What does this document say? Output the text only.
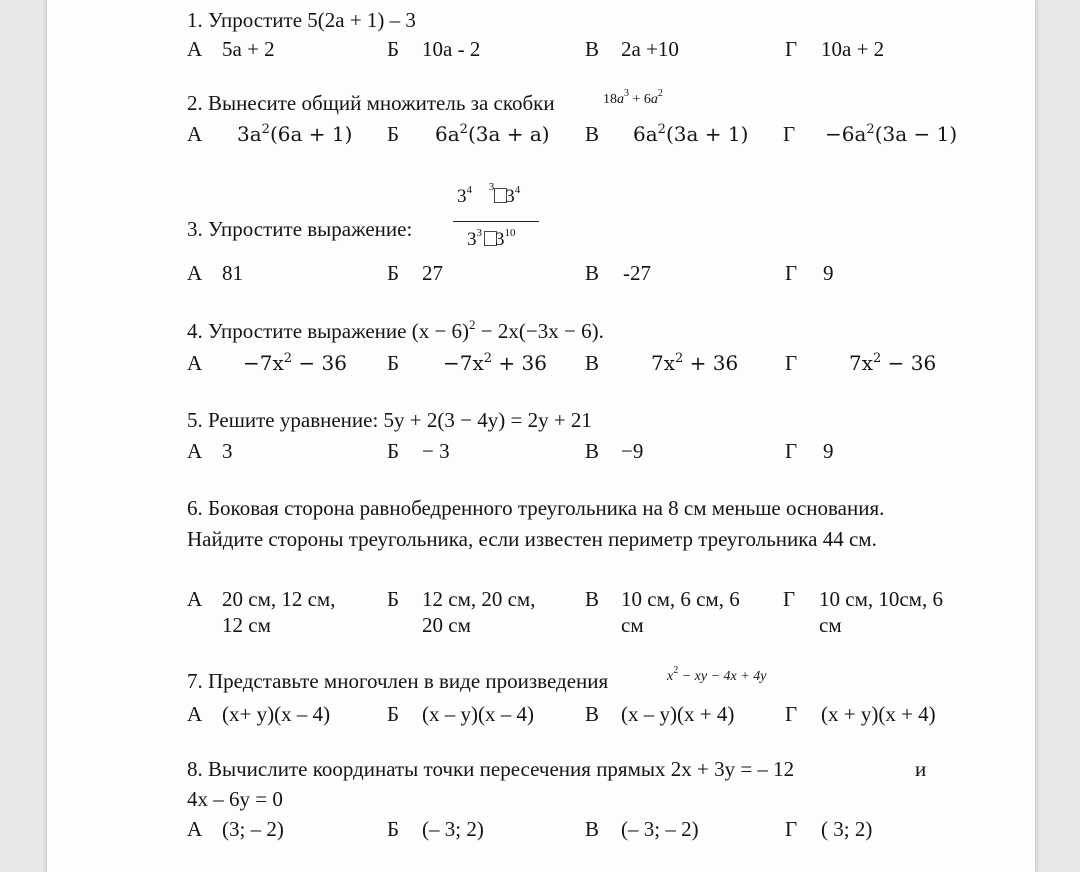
1. Упростите 5(2а + 1) – 3
А 5а + 2	Б 10а - 2	В 2а +10	Г 10а + 2
2. Вынесите общий множитель за скобки	$18a^3 + 6a^2$
А $3a^2(6a + 1)$ Б $6a^2(3a + a)$ В $6a^2(3a + 1)$ $Г -6a^2(3a - 1)$
3. Упростите выражение:
$3^4$ $^3$ $3^4$
$3^3$ $3^{10}$
А 81	Б 27	В -27	Г 9
4. Упростите выражение $(x - 6)^2 - 2x(-3x - 6)$.
$А -7x^2 - 36$ $Б -7x^2 + 36$ В	$7x^2 + 36$ Г	$7x^2 - 36$
5. Решите уравнение: 5y + 2(3 − 4y) = 2y + 21
А 3	Б − 3	В −9	Г 9
6. Боковая сторона равнобедренного треугольника на 8 см меньше основания.
Найдите стороны треугольника, если известен периметр треугольника 44 см.
А 20 см, 12 см,
12 см
Б 12 см, 20 см,
20 см
В 10 см, 6 см, 6
см
Г 10 см, 10см, 6
см
7. Представьте многочлен в виде произведения	$x^2$ − xy − 4x + 4y
А (x+ y)(x – 4)	Б (x – y)(x – 4) В (x – y)(x + 4) Г (x + y)(x + 4)
8. Вычислите координаты точки пересечения прямых 2x + 3y = – 12	и
4x – 6y = 0
А (3; – 2)	Б (– 3; 2)	В (– 3; – 2)	Г ( 3; 2)
